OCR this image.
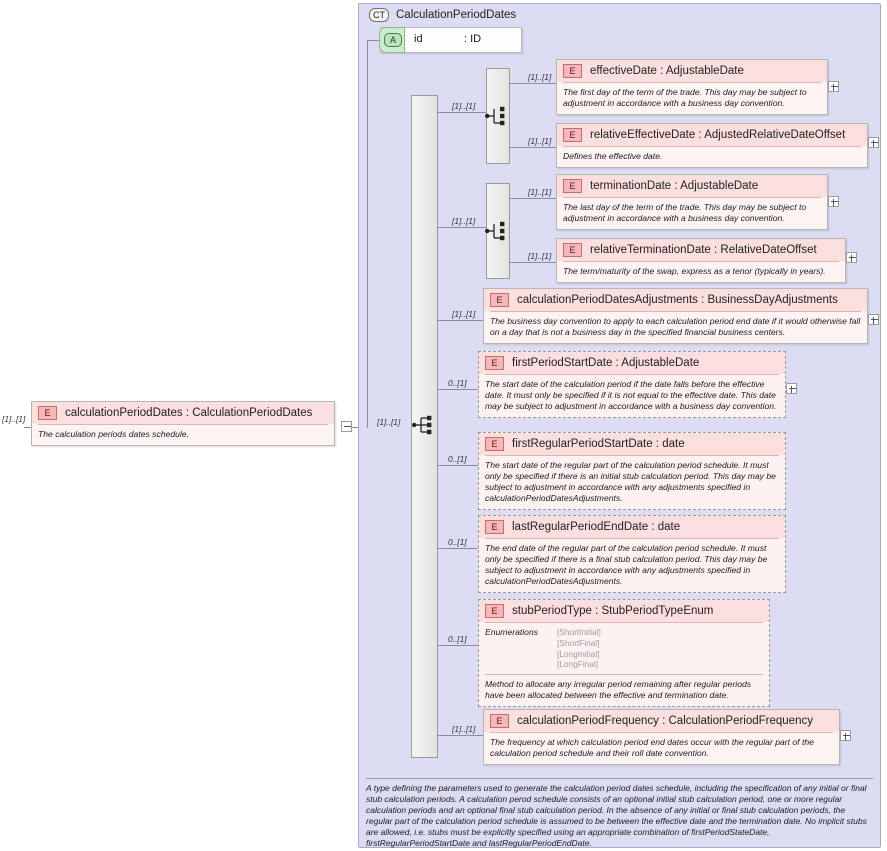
[1]..[1]
E	calculationPeriodDates : CalculationPeriodDates
The calculation periods dates schedule.
CT CalculationPeriodDates
A	id	: ID
[1]..[1]
[1]..[1]
[1]..[1]
[1]..[1]
E	effectiveDate : AdjustableDate
The first day of the term of the trade. This day may be subject to adjustment in accordance with a business day convention.
E	relativeEffectiveDate : AdjustedRelativeDateOffset
Defines the effective date.
[1]..[1]
[1]..[1]
[1]..[1]
E	terminationDate : AdjustableDate
The last day of the term of the trade. This day may be subject to adjustment in accordance with a business day convention.
E	relativeTerminationDate : RelativeDateOffset
The term/maturity of the swap, express as a tenor (typically in years).
[1]..[1]
E	calculationPeriodDatesAdjustments : BusinessDayAdjustments
The business day convention to apply to each calculation period end date if it would otherwise fall on a day that is not a business day in the specified financial business centers.
0..[1]
E	firstPeriodStartDate : AdjustableDate
The start date of the calculation period if the date falls before the effective date. It must only be specified if it is not equal to the effective date. This date may be subject to adjustment in accordance with a business day convention.
0..[1]
E	firstRegularPeriodStartDate : date
The start date of the regular part of the calculation period schedule. It must only be specified if there is an initial stub calculation period. This day may be subject to adjustment in accordance with any adjustments specified in calculationPeriodDatesAdjustments.
0..[1]
E	lastRegularPeriodEndDate : date
The end date of the regular part of the calculation period schedule. It must only be specified if there is a final stub calculation period. This day may be subject to adjustment in accordance with any adjustments specified in calculationPeriodDatesAdjustments.
0..[1]
E	stubPeriodType : StubPeriodTypeEnum
Enumerations	[ShortInitial]
[ShortFinal]
[LongInitial]
[LongFinal]
Method to allocate any irregular period remaining after regular periods have been allocated between the effective and termination date.
[1]..[1]
E	calculationPeriodFrequency : CalculationPeriodFrequency
The frequency at which calculation period end dates occur with the regular part of the calculation period schedule and their roll date convention.
A type defining the parameters used to generate the calculation period dates schedule, including the specification of any initial or final stub calculation periods. A calculation perod schedule consists of an optional initial stub calculation period, one or more regular calculation periods and an optional final stub calculation period. In the absence of any initial or final stub calculation periods, the regular part of the calculation period schedule is assumed to be between the effective date and the termination date. No implicit stubs are allowed, i.e. stubs must be explicitly specified using an appropriate combination of firstPeriodStateDate, firstRegularPeriodStartDate and lastRegularPeriodEndDate.
